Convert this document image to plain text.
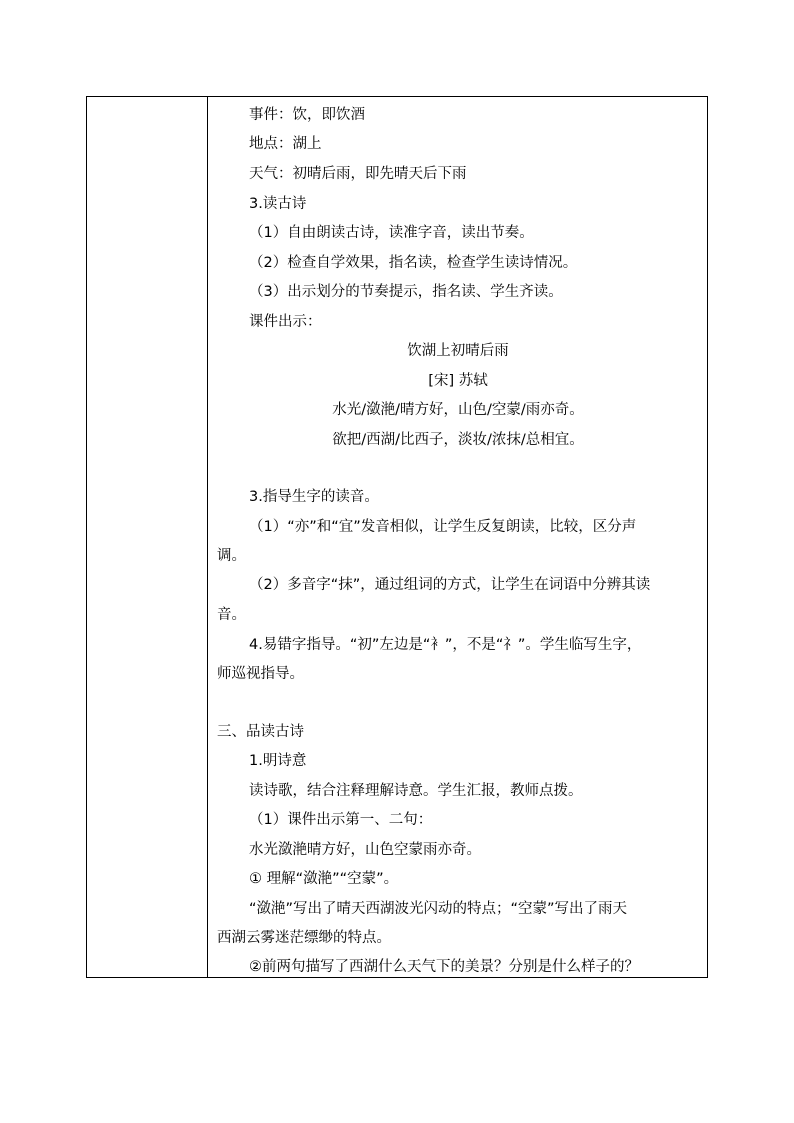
事件：饮，即饮酒
地点：湖上
天气：初晴后雨，即先晴天后下雨
3.读古诗
（1）自由朗读古诗，读准字音，读出节奏。
（2）检查自学效果，指名读，检查学生读诗情况。
（3）出示划分的节奏提示，指名读、学生齐读。
课件出示：
饮湖上初晴后雨
[宋] 苏轼
水光/潋滟/晴方好，山色/空蒙/雨亦奇。
欲把/西湖/比西子，淡妆/浓抹/总相宜。
3.指导生字的读音。
（1）“亦”和“宜”发音相似，让学生反复朗读，比较，区分声
调。
（2）多音字“抹”，通过组词的方式，让学生在词语中分辨其读
音。
4.易错字指导。“初”左边是“衤”，不是“礻”。学生临写生字，
师巡视指导。
三、品读古诗
1.明诗意
读诗歌，结合注释理解诗意。学生汇报，教师点拨。
（1）课件出示第一、二句：
水光潋滟晴方好，山色空蒙雨亦奇。
① 理解“潋滟”“空蒙”。
“潋滟”写出了晴天西湖波光闪动的特点；“空蒙”写出了雨天
西湖云雾迷茫缥缈的特点。
②前两句描写了西湖什么天气下的美景？分别是什么样子的？
